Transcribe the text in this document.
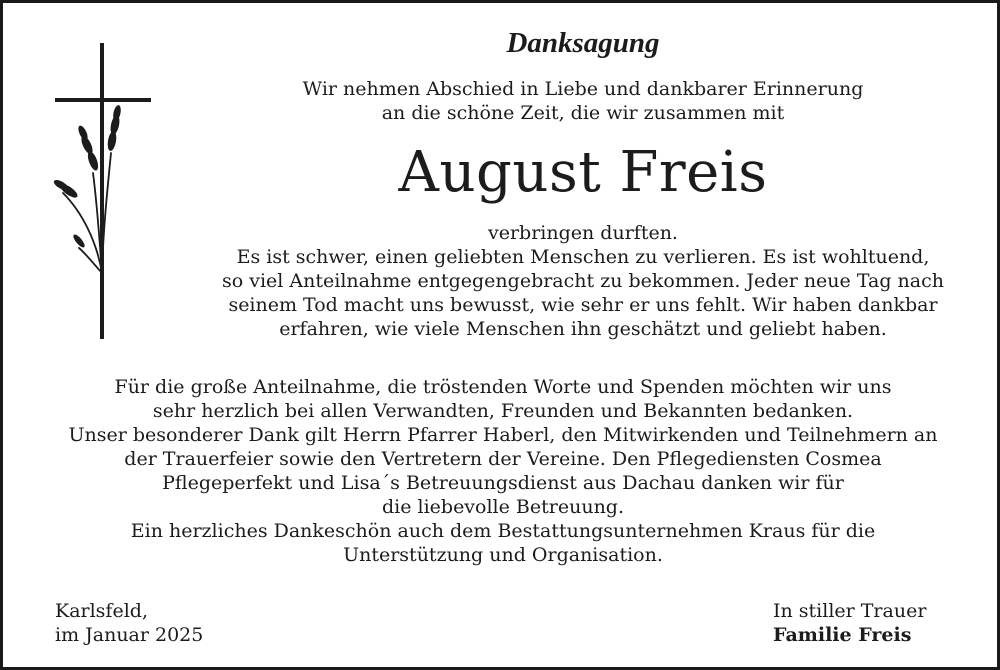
Danksagung

Wir nehmen Abschied in Liebe und dankbarer Erinnerung
an die schöne Zeit, die wir zusammen mit

August Freis

verbringen durften.
Es ist schwer, einen geliebten Menschen zu verlieren. Es ist wohltuend,
so viel Anteilnahme entgegengebracht zu bekommen. Jeder neue Tag nach
seinem Tod macht uns bewusst, wie sehr er uns fehlt. Wir haben dankbar
erfahren, wie viele Menschen ihn geschätzt und geliebt haben.

Für die große Anteilnahme, die tröstenden Worte und Spenden möchten wir uns
sehr herzlich bei allen Verwandten, Freunden und Bekannten bedanken.
Unser besonderer Dank gilt Herrn Pfarrer Haberl, den Mitwirkenden und Teilnehmern an
der Trauerfeier sowie den Vertretern der Vereine. Den Pflegediensten Cosmea
Pflegeperfekt und Lisa´s Betreuungsdienst aus Dachau danken wir für
die liebevolle Betreuung.
Ein herzliches Dankeschön auch dem Bestattungsunternehmen Kraus für die
Unterstützung und Organisation.

Karlsfeld,
im Januar 2025
In stiller Trauer
Familie Freis
